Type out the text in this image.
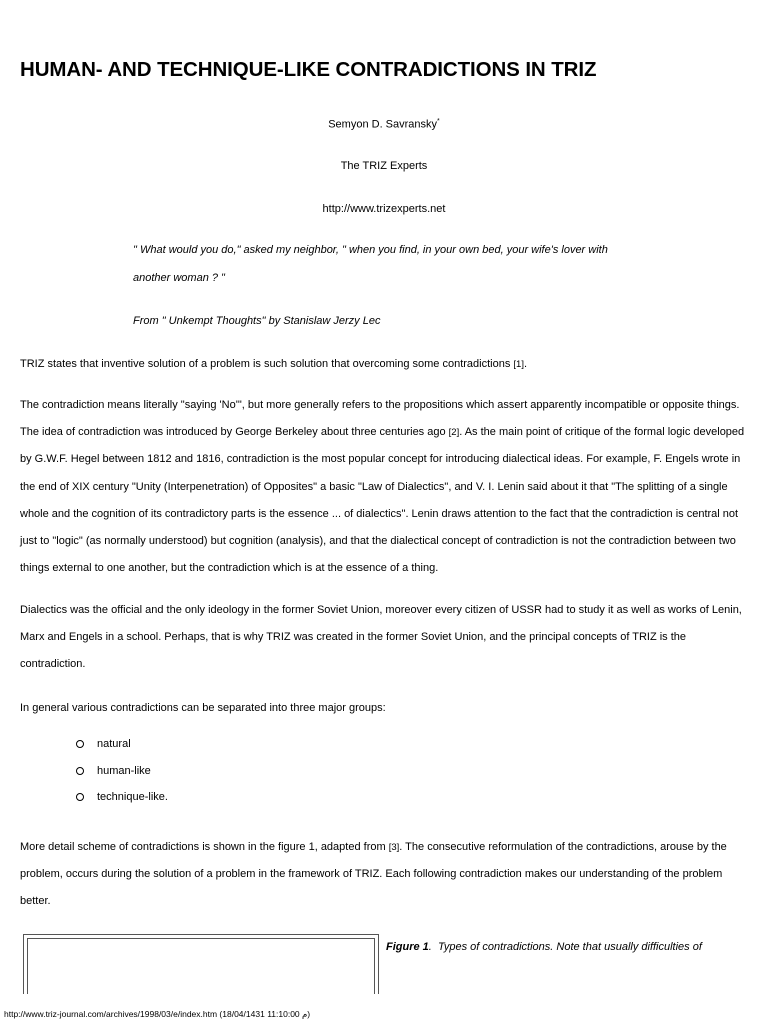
HUMAN- AND TECHNIQUE-LIKE CONTRADICTIONS IN TRIZ
Semyon D. Savransky*
The TRIZ Experts
http://www.trizexperts.net
" What would you do," asked my neighbor, " when you find, in your own bed, your wife's lover with
another woman ? "
From " Unkempt Thoughts" by Stanislaw Jerzy Lec

TRIZ states that inventive solution of a problem is such solution that overcoming some contradictions [1].

The contradiction means literally "saying 'No'", but more generally refers to the propositions which assert apparently incompatible or opposite things. The idea of contradiction was introduced by George Berkeley about three centuries ago [2]. As the main point of critique of the formal logic developed by G.W.F. Hegel between 1812 and 1816, contradiction is the most popular concept for introducing dialectical ideas. For example, F. Engels wrote in the end of XIX century "Unity (Interpenetration) of Opposites" a basic "Law of Dialectics", and V. I. Lenin said about it that "The splitting of a single whole and the cognition of its contradictory parts is the essence ... of dialectics". Lenin draws attention to the fact that the contradiction is central not just to "logic" (as normally understood) but cognition (analysis), and that the dialectical concept of contradiction is not the contradiction between two things external to one another, but the contradiction which is at the essence of a thing.

Dialectics was the official and the only ideology in the former Soviet Union, moreover every citizen of USSR had to study it as well as works of Lenin, Marx and Engels in a school. Perhaps, that is why TRIZ was created in the former Soviet Union, and the principal concepts of TRIZ is the contradiction.

In general various contradictions can be separated into three major groups:

natural
human-like
technique-like.

More detail scheme of contradictions is shown in the figure 1, adapted from [3]. The consecutive reformulation of the contradictions, arouse by the problem, occurs during the solution of a problem in the framework of TRIZ. Each following contradiction makes our understanding of the problem better.

Figure 1. Types of contradictions. Note that usually difficulties of
http://www.triz-journal.com/archives/1998/03/e/index.htm (م 11:10:00 18/04/1431)
